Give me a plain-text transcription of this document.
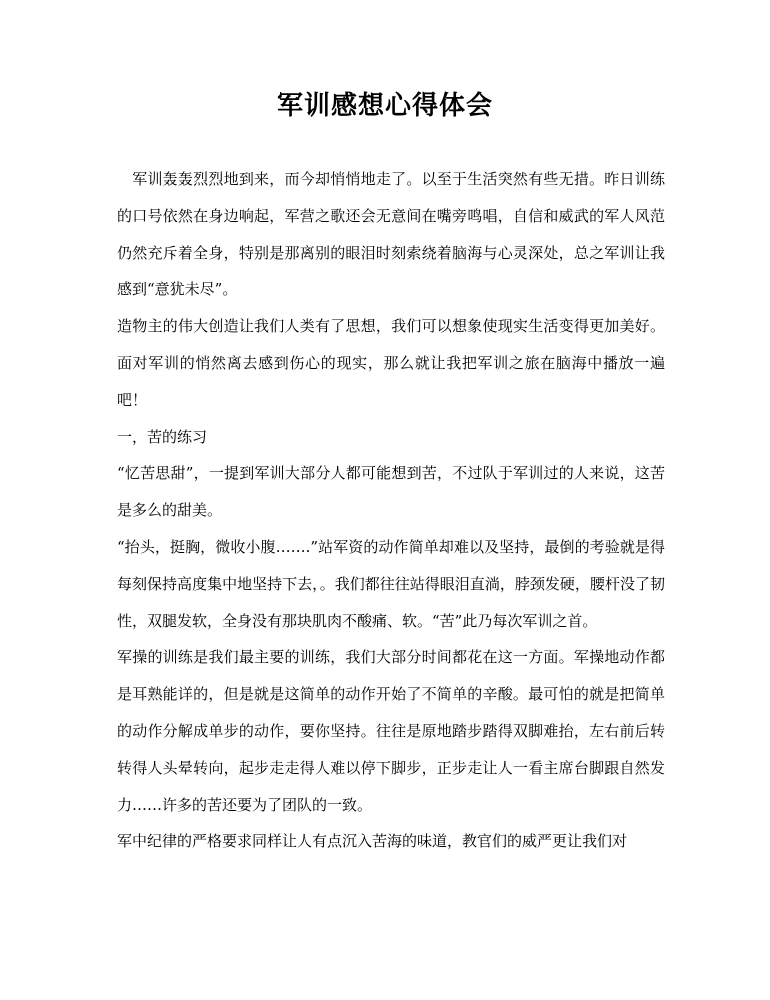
军训感想心得体会

　军训轰轰烈烈地到来，而今却悄悄地走了。以至于生活突然有些无措。昨日训练的口号依然在身边响起，军营之歌还会无意间在嘴旁鸣唱，自信和威武的军人风范仍然充斥着全身，特别是那离别的眼泪时刻索绕着脑海与心灵深处，总之军训让我感到“意犹未尽”。

造物主的伟大创造让我们人类有了思想，我们可以想象使现实生活变得更加美好。面对军训的悄然离去感到伤心的现实，那么就让我把军训之旅在脑海中播放一遍吧！

一，苦的练习

“忆苦思甜”，一提到军训大部分人都可能想到苦，不过队于军训过的人来说，这苦是多么的甜美。

“抬头，挺胸，微收小腹…….”站军资的动作简单却难以及坚持，最倒的考验就是得每刻保持高度集中地坚持下去，。我们都往往站得眼泪直淌，脖颈发硬，腰杆没了韧性，双腿发软，全身没有那块肌肉不酸痛、软。“苦”此乃每次军训之首。

军操的训练是我们最主要的训练，我们大部分时间都花在这一方面。军操地动作都是耳熟能详的，但是就是这简单的动作开始了不简单的辛酸。最可怕的就是把简单的动作分解成单步的动作，要你坚持。往往是原地踏步踏得双脚难抬，左右前后转转得人头晕转向，起步走走得人难以停下脚步，正步走让人一看主席台脚跟自然发力……许多的苦还要为了团队的一致。

军中纪律的严格要求同样让人有点沉入苦海的味道，教官们的威严更让我们对
